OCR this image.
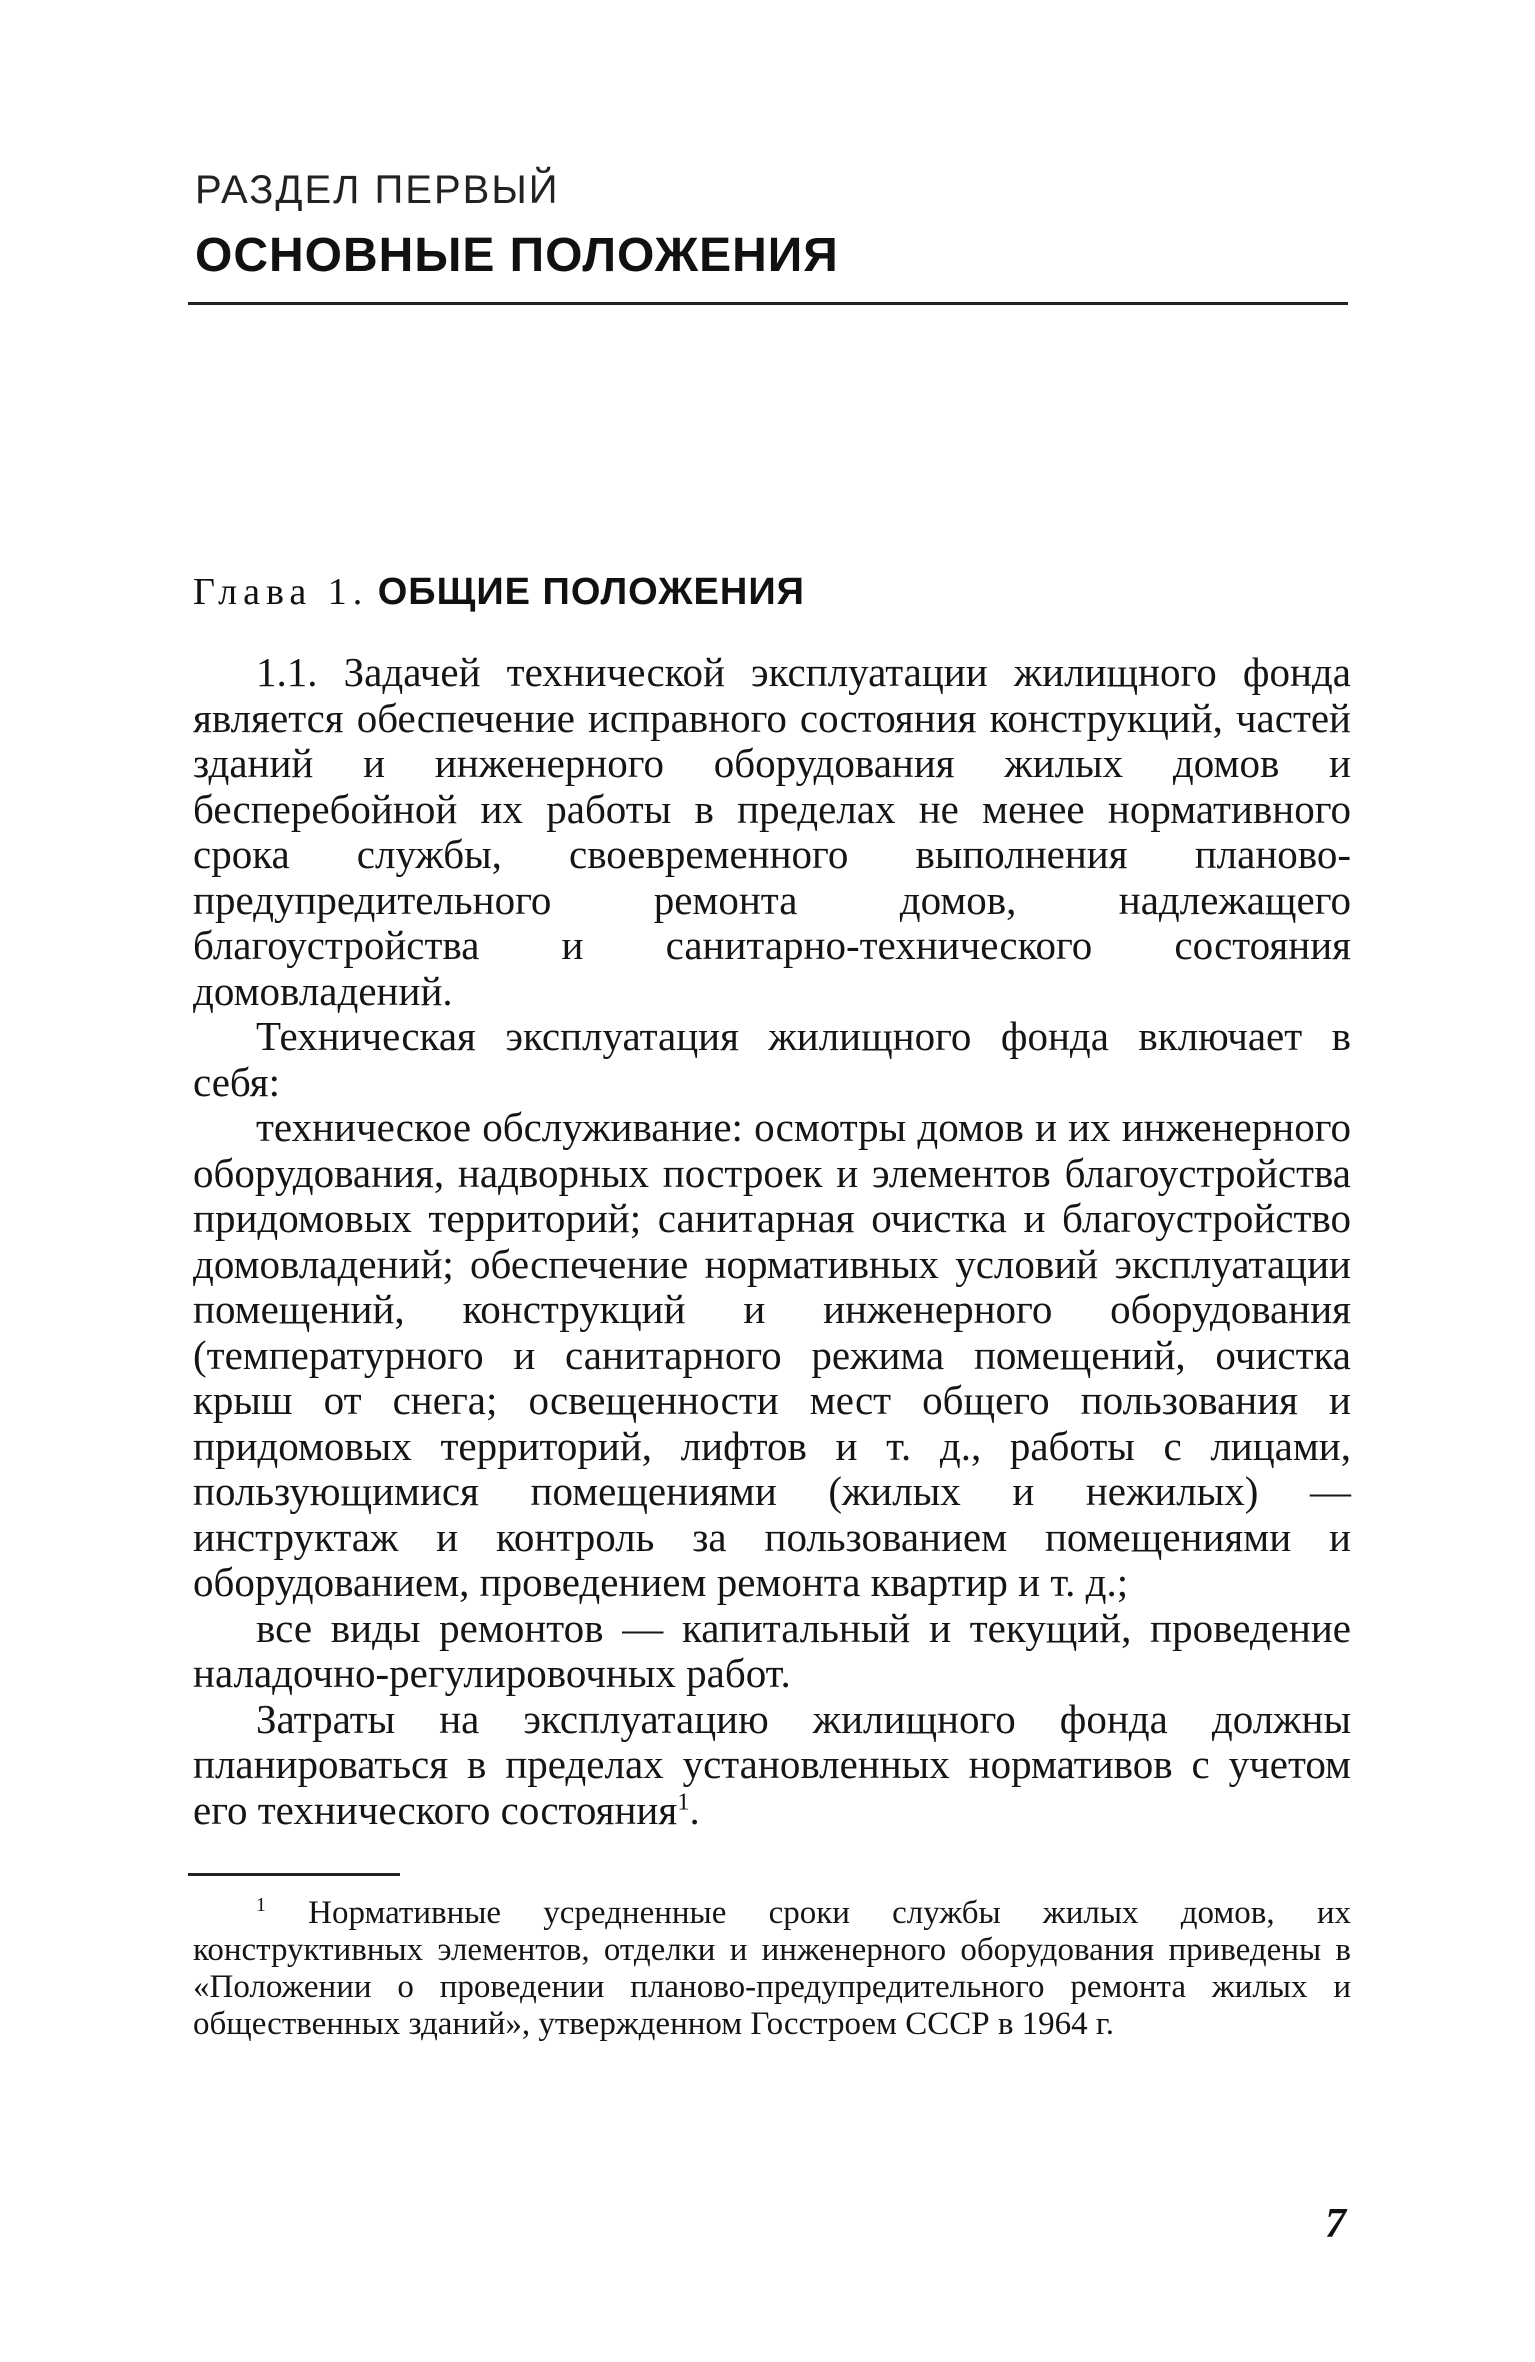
РАЗДЕЛ ПЕРВЫЙ
ОСНОВНЫЕ ПОЛОЖЕНИЯ
Глава 1. ОБЩИЕ ПОЛОЖЕНИЯ

1.1. Задачей технической эксплуатации жилищного фонда является обеспечение исправного состояния конструкций, частей зданий и инженерного оборудования жилых домов и бесперебойной их работы в пределах не менее нормативного срока службы, своевременного выполнения планово-предупредительного ремонта домов, надлежащего благоустройства и санитарно-технического состояния домовладений.

Техническая эксплуатация жилищного фонда включает в себя:

техническое обслуживание: осмотры домов и их инженерного оборудования, надворных построек и элементов благоустройства придомовых территорий; санитарная очистка и благоустройство домовладений; обеспечение нормативных условий эксплуатации помещений, конструкций и инженерного оборудования (температурного и санитарного режима помещений, очистка крыш от снега; освещенности мест общего пользования и придомовых территорий, лифтов и т. д., работы с лицами, пользующимися помещениями (жилых и нежилых) — инструктаж и контроль за пользованием помещениями и оборудованием, проведением ремонта квартир и т. д.;

все виды ремонтов — капитальный и текущий, проведение наладочно-регулировочных работ.

Затраты на эксплуатацию жилищного фонда должны планироваться в пределах установленных нормативов с учетом его технического состояния$^1$.

$^1$ Нормативные усредненные сроки службы жилых домов, их конструктивных элементов, отделки и инженерного оборудования приведены в «Положении о проведении планово-предупредительного ремонта жилых и общественных зданий», утвержденном Госстроем СССР в 1964 г.

7
